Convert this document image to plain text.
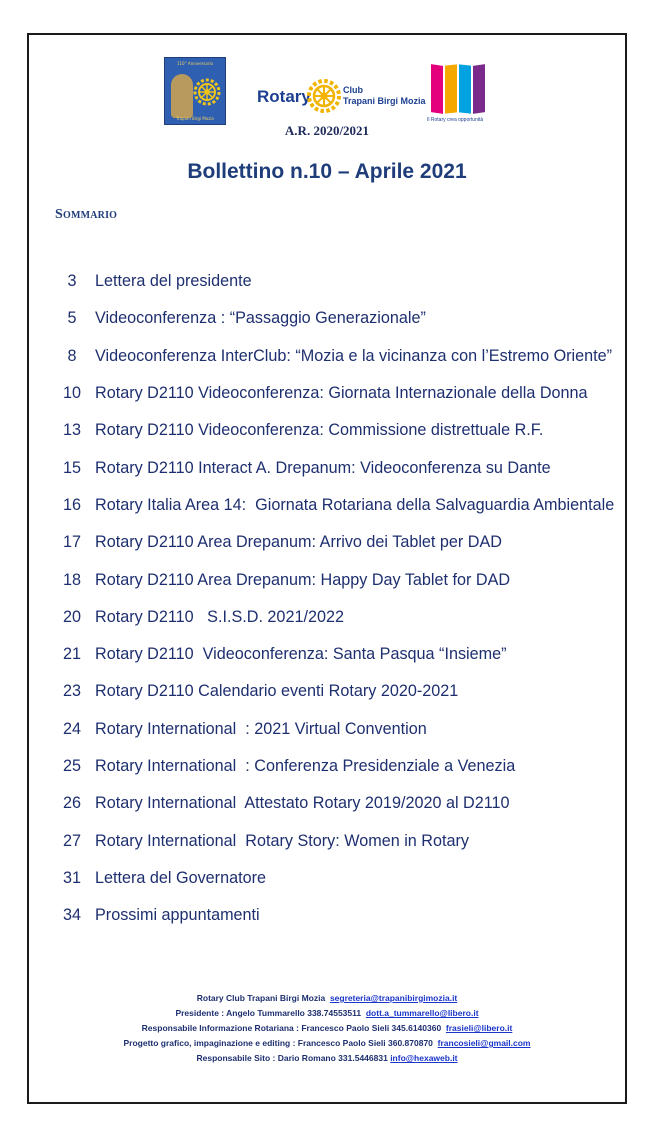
110° Anniversario
Trapani Birgi Mozia
Rotary	Club
Trapani Birgi Mozia
Il Rotary crea opportunità
A.R. 2020/2021
Bollettino n.10 – Aprile 2021
Sommario
3	Lettera del presidente
5	Videoconferenza : “Passaggio Generazionale”
8	Videoconferenza InterClub: “Mozia e la vicinanza con l’Estremo Oriente”
10 Rotary D2110 Videoconferenza: Giornata Internazionale della Donna
13 Rotary D2110 Videoconferenza: Commissione distrettuale R.F.
15 Rotary D2110 Interact A. Drepanum: Videoconferenza su Dante
16 Rotary Italia Area 14:  Giornata Rotariana della Salvaguardia Ambientale
17 Rotary D2110 Area Drepanum: Arrivo dei Tablet per DAD
18 Rotary D2110 Area Drepanum: Happy Day Tablet for DAD
20 Rotary D2110   S.I.S.D. 2021/2022
21 Rotary D2110  Videoconferenza: Santa Pasqua “Insieme”
23 Rotary D2110 Calendario eventi Rotary 2020-2021
24 Rotary International  : 2021 Virtual Convention
25 Rotary International  : Conferenza Presidenziale a Venezia
26 Rotary International  Attestato Rotary 2019/2020 al D2110
27 Rotary International  Rotary Story: Women in Rotary
31 Lettera del Governatore
34 Prossimi appuntamenti
Rotary Club Trapani Birgi Mozia segreteria@trapanibirgimozia.it
Presidente : Angelo Tummarello 338.74553511 dott.a_tummarello@libero.it
Responsabile Informazione Rotariana : Francesco Paolo Sieli 345.6140360 frasieli@libero.it
Progetto grafico, impaginazione e editing : Francesco Paolo Sieli 360.870870 francosieli@gmail.com
Responsabile Sito : Dario Romano 331.5446831 info@hexaweb.it
